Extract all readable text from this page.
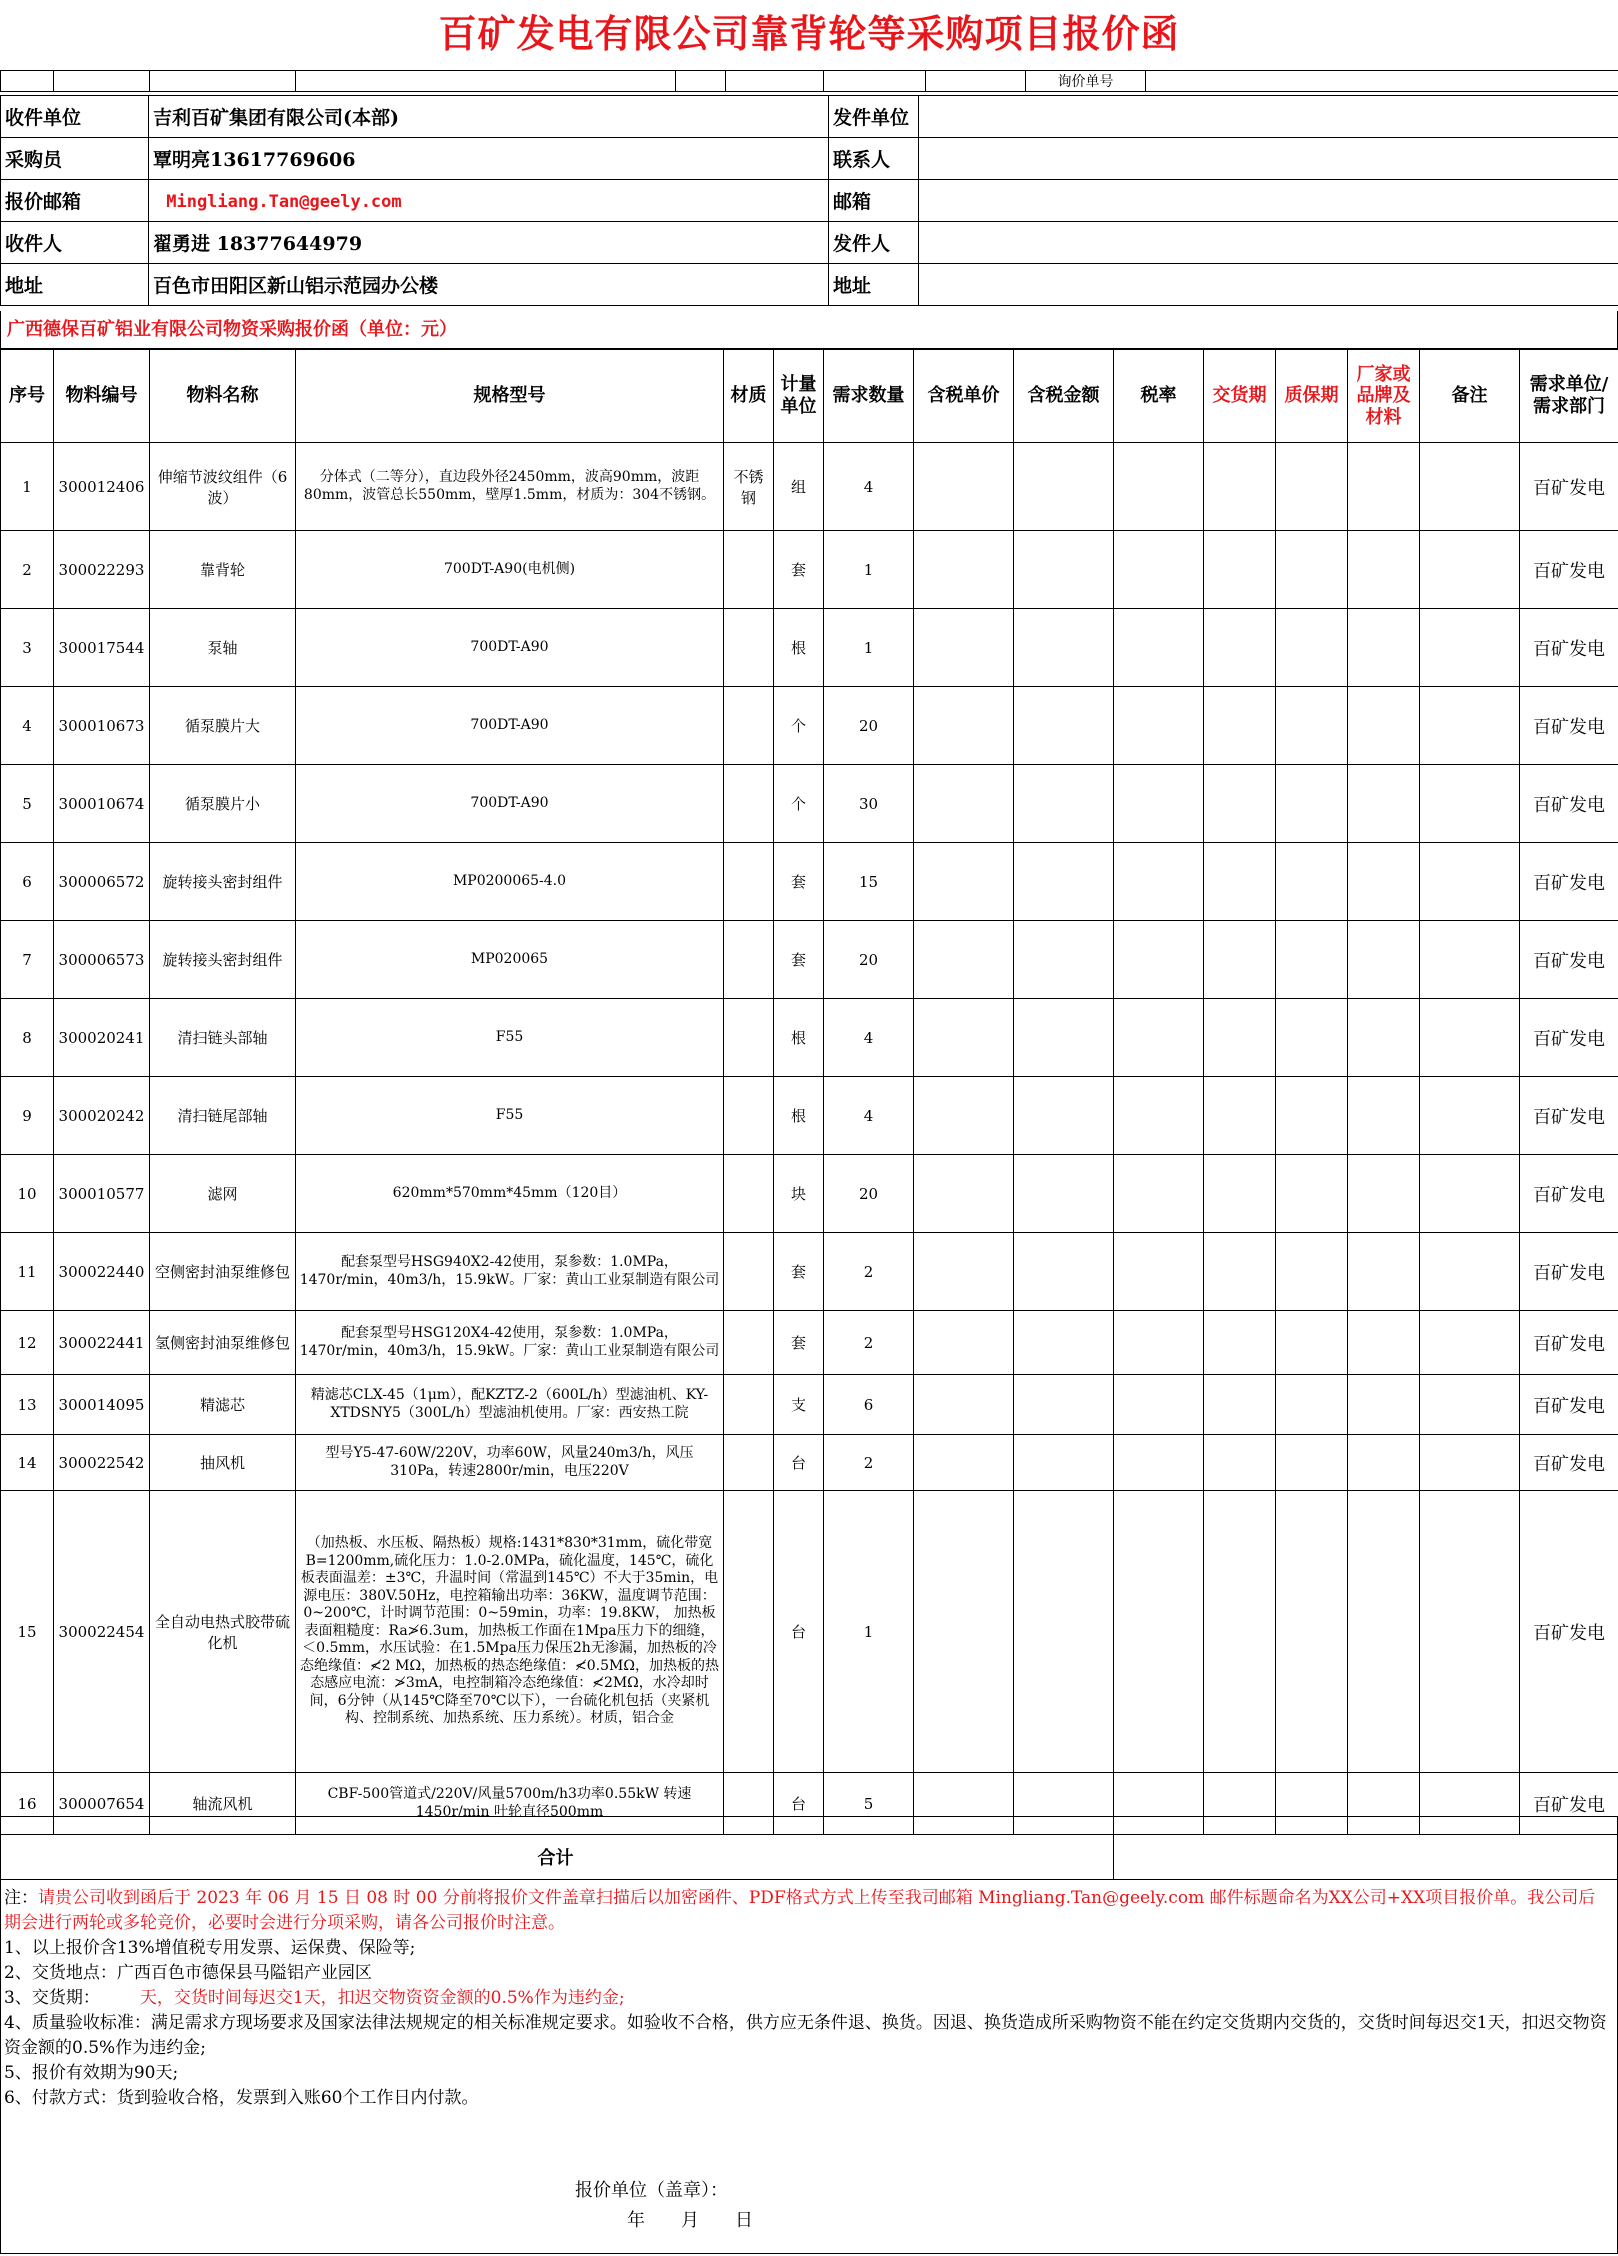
百矿发电有限公司靠背轮等采购项目报价函
								询价单号	
收件单位	吉利百矿集团有限公司(本部)	发件单位	
采购员	覃明亮13617769606	联系人	
报价邮箱	Mingliang.Tan@geely.com	邮箱	
收件人	翟勇进 18377644979	发件人	
地址	百色市田阳区新山铝示范园办公楼	地址	
广西德保百矿铝业有限公司物资采购报价函（单位：元）
序号	物料编号	物料名称	规格型号	材质	计量单位	需求数量	含税单价	含税金额	税率	交货期	质保期	厂家或品牌及材料	备注	需求单位/需求部门
1	300012406	伸缩节波纹组件（6波）	分体式（二等分），直边段外径2450mm，波高90mm，波距80mm，波管总长550mm，壁厚1.5mm，材质为：304不锈钢。	不锈钢	组	4								百矿发电
2	300022293	靠背轮	700DT-A90(电机侧)		套	1								百矿发电
3	300017544	泵轴	700DT-A90		根	1								百矿发电
4	300010673	循泵膜片大	700DT-A90		个	20								百矿发电
5	300010674	循泵膜片小	700DT-A90		个	30								百矿发电
6	300006572	旋转接头密封组件	MP0200065-4.0		套	15								百矿发电
7	300006573	旋转接头密封组件	MP020065		套	20								百矿发电
8	300020241	清扫链头部轴	F55		根	4								百矿发电
9	300020242	清扫链尾部轴	F55		根	4								百矿发电
10	300010577	滤网	620mm*570mm*45mm（120目）		块	20								百矿发电
11	300022440	空侧密封油泵维修包	配套泵型号HSG940X2-42使用，泵参数：1.0MPa，1470r/min，40m3/h，15.9kW。厂家：黄山工业泵制造有限公司		套	2								百矿发电
12	300022441	氢侧密封油泵维修包	配套泵型号HSG120X4-42使用，泵参数：1.0MPa，1470r/min，40m3/h，15.9kW。厂家：黄山工业泵制造有限公司		套	2								百矿发电
13	300014095	精滤芯	精滤芯CLX-45（1μm），配KZTZ-2（600L/h）型滤油机、KY-XTDSNY5（300L/h）型滤油机使用。厂家：西安热工院		支	6								百矿发电
14	300022542	抽风机	型号Y5-47-60W/220V，功率60W，风量240m3/h，风压310Pa，转速2800r/min，电压220V		台	2								百矿发电
15	300022454	全自动电热式胶带硫化机	（加热板、水压板、隔热板）规格:1431*830*31mm，硫化带宽B=1200mm,硫化压力：1.0-2.0MPa，硫化温度，145℃，硫化板表面温差：±3℃，升温时间（常温到145℃）不大于35min，电源电压：380V.50Hz，电控箱输出功率：36KW，温度调节范围：0~200℃，计时调节范围：0~59min，功率：19.8KW， 加热板表面粗糙度：Ra≯6.3um，加热板工作面在1Mpa压力下的细缝， ＜0.5mm，水压试验：在1.5Mpa压力保压2h无渗漏，加热板的冷态绝缘值：≮2 MΩ，加热板的热态绝缘值：≮0.5MΩ，加热板的热态感应电流：≯3mA，电控制箱冷态绝缘值：≮2MΩ，水冷却时间，6分钟（从145℃降至70℃以下），一台硫化机包括（夹紧机构、控制系统、加热系统、压力系统）。材质，铝合金		台	1								百矿发电
16	300007654	轴流风机	CBF-500管道式/220V/风量5700m/h3功率0.55kW 转速1450r/min 叶轮直径500mm		台	5								百矿发电
合计														
注：请贵公司收到函后于 2023 年 06 月 15 日 08 时 00 分前将报价文件盖章扫描后以加密函件、PDF格式方式上传至我司邮箱 Mingliang.Tan@geely.com 邮件标题命名为XX公司+XX项目报价单。我公司后期会进行两轮或多轮竞价，必要时会进行分项采购，请各公司报价时注意。
1、以上报价含13%增值税专用发票、运保费、保险等;
2、交货地点：广西百色市德保县马隘铝产业园区
3、交货期： 天，交货时间每迟交1天，扣迟交物资资金额的0.5%作为违约金;
4、质量验收标准：满足需求方现场要求及国家法律法规规定的相关标准规定要求。如验收不合格，供方应无条件退、换货。因退、换货造成所采购物资不能在约定交货期内交货的，交货时间每迟交1天，扣迟交物资资金额的0.5%作为违约金;
5、报价有效期为90天;
6、付款方式：货到验收合格，发票到入账60个工作日内付款。
报价单位（盖章）：
年　　月　　日
